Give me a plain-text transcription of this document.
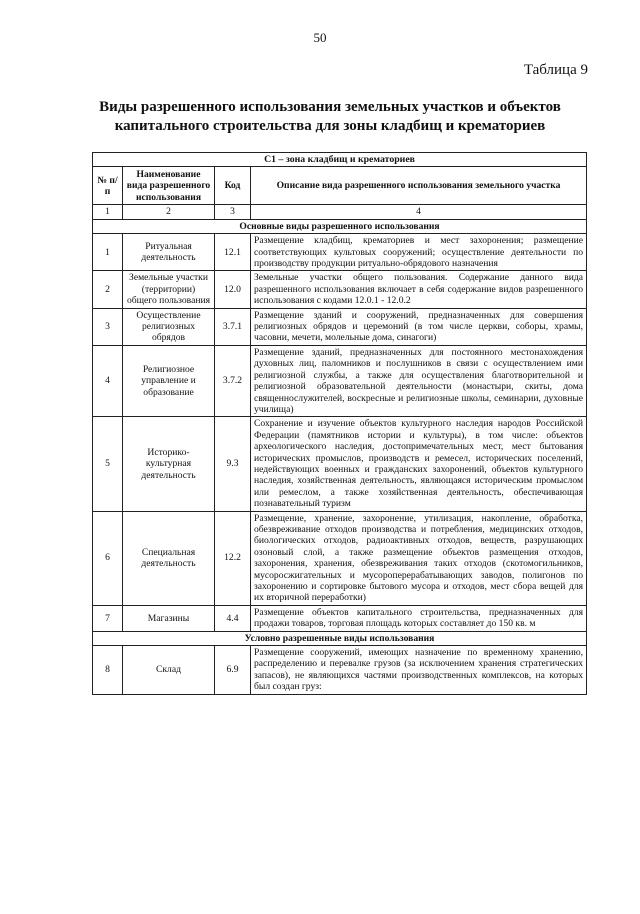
50
Таблица 9
Виды разрешенного использования земельных участков и объектов
капитального строительства для зоны кладбищ и крематориев
С1 – зона кладбищ и крематориев			
№ п/п	Наименование вида разрешенного использования	Код	Описание вида разрешенного использования земельного участка
1	2	3	4
Основные виды разрешенного использования			
1	Ритуальная деятельность	12.1	Размещение кладбищ, крематориев и мест захоронения; размещение соответствующих культовых сооружений; осуществление деятельности по производству продукции ритуально-обрядового назначения
2	Земельные участки (территории) общего пользования	12.0	Земельные участки общего пользования. Содержание данного вида разрешенного использования включает в себя содержание видов разрешенного использования с кодами 12.0.1 - 12.0.2
3	Осуществление религиозных обрядов	3.7.1	Размещение зданий и сооружений, предназначенных для совершения религиозных обрядов и церемоний (в том числе церкви, соборы, храмы, часовни, мечети, молельные дома, синагоги)
4	Религиозное управление и образование	3.7.2	Размещение зданий, предназначенных для постоянного местонахождения духовных лиц, паломников и послушников в связи с осуществлением ими религиозной службы, а также для осуществления благотворительной и религиозной образовательной деятельности (монастыри, скиты, дома священнослужителей, воскресные и религиозные школы, семинарии, духовные училища)
5	Историко-культурная деятельность	9.3	Сохранение и изучение объектов культурного наследия народов Российской Федерации (памятников истории и культуры), в том числе: объектов археологического наследия, достопримечательных мест, мест бытования исторических промыслов, производств и ремесел, исторических поселений, недействующих военных и гражданских захоронений, объектов культурного наследия, хозяйственная деятельность, являющаяся историческим промыслом или ремеслом, а также хозяйственная деятельность, обеспечивающая познавательный туризм
6	Специальная деятельность	12.2	Размещение, хранение, захоронение, утилизация, накопление, обработка, обезвреживание отходов производства и потребления, медицинских отходов, биологических отходов, радиоактивных отходов, веществ, разрушающих озоновый слой, а также размещение объектов размещения отходов, захоронения, хранения, обезвреживания таких отходов (скотомогильников, мусоросжигательных и мусороперерабатывающих заводов, полигонов по захоронению и сортировке бытового мусора и отходов, мест сбора вещей для их вторичной переработки)
7	Магазины	4.4	Размещение объектов капитального строительства, предназначенных для продажи товаров, торговая площадь которых составляет до 150 кв. м
Условно разрешенные виды использования			
8	Склад	6.9	Размещение сооружений, имеющих назначение по временному хранению, распределению и перевалке грузов (за исключением хранения стратегических запасов), не являющихся частями производственных комплексов, на которых был создан груз:
